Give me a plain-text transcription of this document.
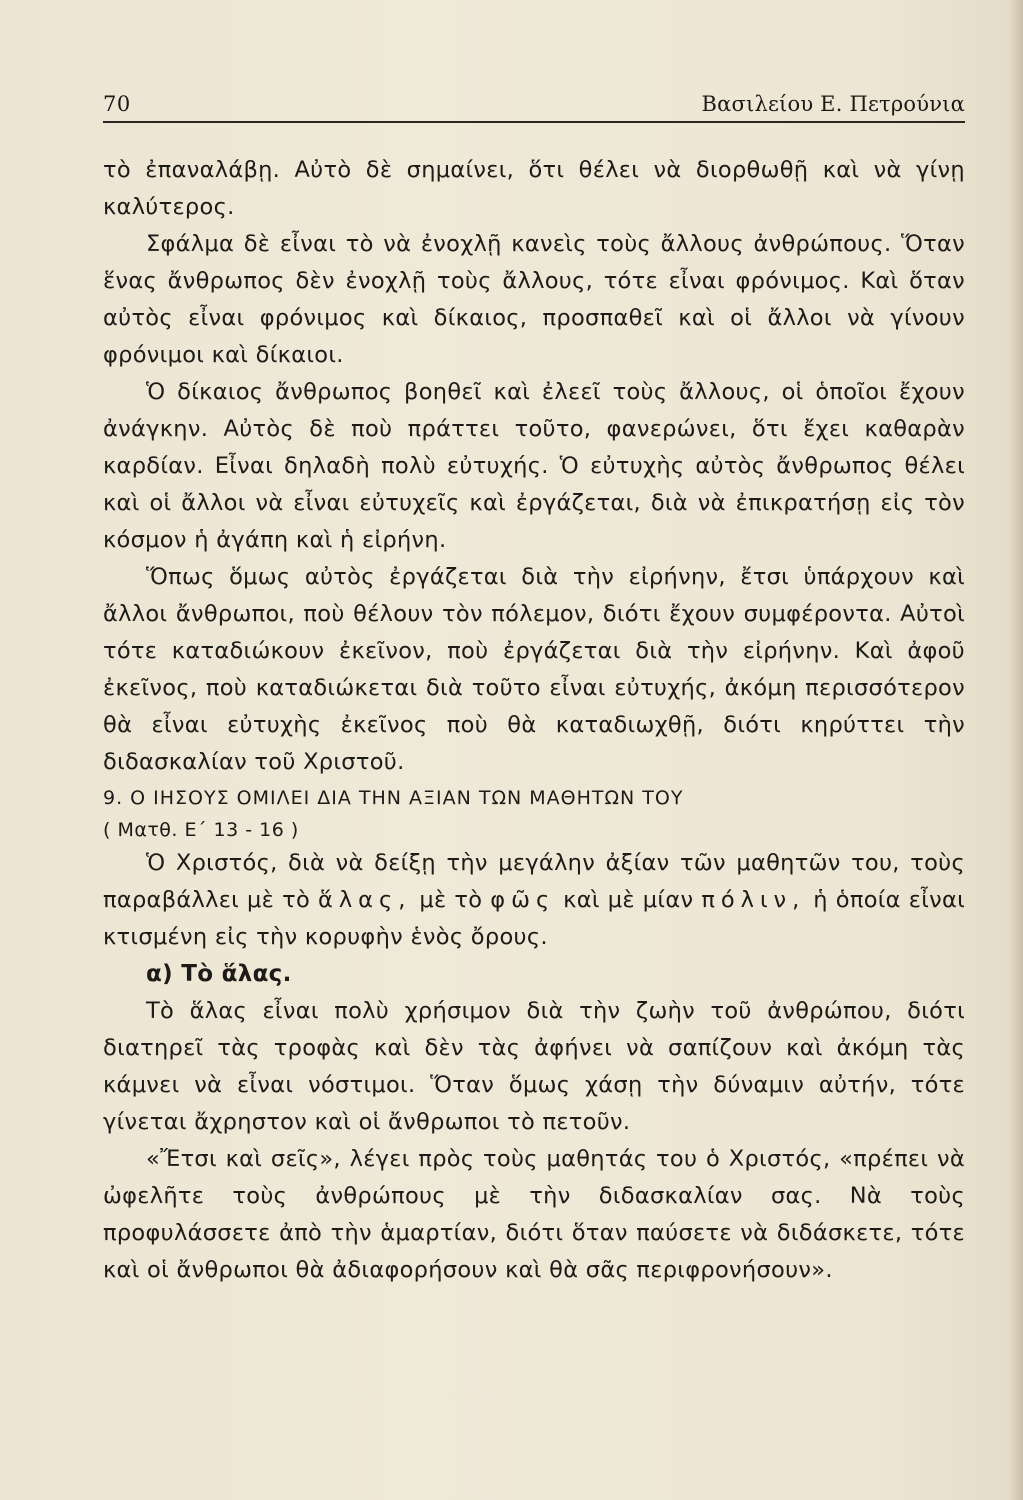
70	Βασιλείου Ε. Πετρούνια

τὸ ἐπαναλάβῃ. Αὐτὸ δὲ σημαίνει, ὅτι θέλει νὰ διορθωθῇ καὶ νὰ γίνῃ καλύτερος.

Σφάλμα δὲ εἶναι τὸ νὰ ἐνοχλῇ κανεὶς τοὺς ἄλλους ἀνθρώπους. Ὅταν ἕνας ἄνθρωπος δὲν ἐνοχλῇ τοὺς ἄλλους, τότε εἶναι φρόνιμος. Καὶ ὅταν αὐτὸς εἶναι φρόνιμος καὶ δίκαιος, προσπαθεῖ καὶ οἱ ἄλλοι νὰ γίνουν φρόνιμοι καὶ δίκαιοι.

Ὁ δίκαιος ἄνθρωπος βοηθεῖ καὶ ἐλεεῖ τοὺς ἄλλους, οἱ ὁποῖοι ἔχουν ἀνάγκην. Αὐτὸς δὲ ποὺ πράττει τοῦτο, φανερώνει, ὅτι ἔχει καθαρὰν καρδίαν. Εἶναι δηλαδὴ πολὺ εὐτυχής. Ὁ εὐτυχὴς αὐτὸς ἄνθρωπος θέλει καὶ οἱ ἄλλοι νὰ εἶναι εὐτυχεῖς καὶ ἐργάζεται, διὰ νὰ ἐπικρατήσῃ εἰς τὸν κόσμον ἡ ἀγάπη καὶ ἡ εἰρήνη.

Ὅπως ὅμως αὐτὸς ἐργάζεται διὰ τὴν εἰρήνην, ἔτσι ὑπάρχουν καὶ ἄλλοι ἄνθρωποι, ποὺ θέλουν τὸν πόλεμον, διότι ἔχουν συμφέροντα. Αὐτοὶ τότε καταδιώκουν ἐκεῖνον, ποὺ ἐργάζεται διὰ τὴν εἰρήνην. Καὶ ἀφοῦ ἐκεῖνος, ποὺ καταδιώκεται διὰ τοῦτο εἶναι εὐτυχής, ἀκόμη περισσότερον θὰ εἶναι εὐτυχὴς ἐκεῖνος ποὺ θὰ καταδιωχθῇ, διότι κηρύττει τὴν διδασκαλίαν τοῦ Χριστοῦ.

9. Ο ΙΗΣΟΥΣ ΟΜΙΛΕΙ ΔΙΑ ΤΗΝ ΑΞΙΑΝ ΤΩΝ ΜΑΘΗΤΩΝ ΤΟΥ

( Ματθ. Ε΄ 13 - 16 )

Ὁ Χριστός, διὰ νὰ δείξῃ τὴν μεγάλην ἀξίαν τῶν μαθητῶν του, τοὺς παραβάλλει μὲ τὸ ἅλας, μὲ τὸ φῶς καὶ μὲ μίαν πόλιν, ἡ ὁποία εἶναι κτισμένη εἰς τὴν κορυφὴν ἑνὸς ὄρους.

α) Τὸ ἅλας.

Τὸ ἅλας εἶναι πολὺ χρήσιμον διὰ τὴν ζωὴν τοῦ ἀνθρώπου, διότι διατηρεῖ τὰς τροφὰς καὶ δὲν τὰς ἀφήνει νὰ σαπίζουν καὶ ἀκόμη τὰς κάμνει νὰ εἶναι νόστιμοι. Ὅταν ὅμως χάσῃ τὴν δύναμιν αὐτήν, τότε γίνεται ἄχρηστον καὶ οἱ ἄνθρωποι τὸ πετοῦν.

«Ἔτσι καὶ σεῖς», λέγει πρὸς τοὺς μαθητάς του ὁ Χριστός, «πρέπει νὰ ὠφελῆτε τοὺς ἀνθρώπους μὲ τὴν διδασκαλίαν σας. Νὰ τοὺς προφυλάσσετε ἀπὸ τὴν ἁμαρτίαν, διότι ὅταν παύσετε νὰ διδάσκετε, τότε καὶ οἱ ἄνθρωποι θὰ ἀδιαφορήσουν καὶ θὰ σᾶς περιφρονήσουν».
